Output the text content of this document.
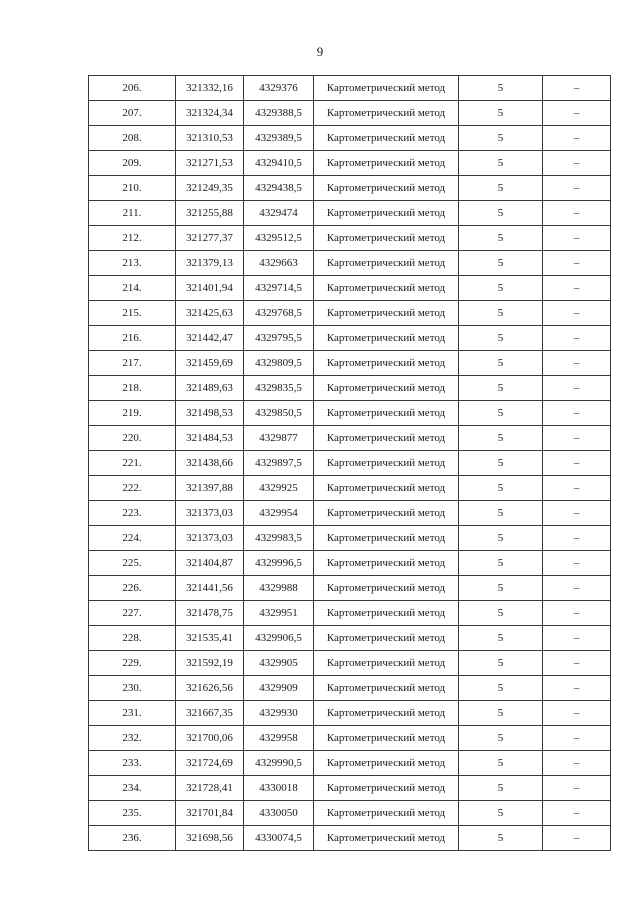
9
206.	321332,16	4329376	Картометрический метод	5	–
207.	321324,34	4329388,5	Картометрический метод	5	–
208.	321310,53	4329389,5	Картометрический метод	5	–
209.	321271,53	4329410,5	Картометрический метод	5	–
210.	321249,35	4329438,5	Картометрический метод	5	–
211.	321255,88	4329474	Картометрический метод	5	–
212.	321277,37	4329512,5	Картометрический метод	5	–
213.	321379,13	4329663	Картометрический метод	5	–
214.	321401,94	4329714,5	Картометрический метод	5	–
215.	321425,63	4329768,5	Картометрический метод	5	–
216.	321442,47	4329795,5	Картометрический метод	5	–
217.	321459,69	4329809,5	Картометрический метод	5	–
218.	321489,63	4329835,5	Картометрический метод	5	–
219.	321498,53	4329850,5	Картометрический метод	5	–
220.	321484,53	4329877	Картометрический метод	5	–
221.	321438,66	4329897,5	Картометрический метод	5	–
222.	321397,88	4329925	Картометрический метод	5	–
223.	321373,03	4329954	Картометрический метод	5	–
224.	321373,03	4329983,5	Картометрический метод	5	–
225.	321404,87	4329996,5	Картометрический метод	5	–
226.	321441,56	4329988	Картометрический метод	5	–
227.	321478,75	4329951	Картометрический метод	5	–
228.	321535,41	4329906,5	Картометрический метод	5	–
229.	321592,19	4329905	Картометрический метод	5	–
230.	321626,56	4329909	Картометрический метод	5	–
231.	321667,35	4329930	Картометрический метод	5	–
232.	321700,06	4329958	Картометрический метод	5	–
233.	321724,69	4329990,5	Картометрический метод	5	–
234.	321728,41	4330018	Картометрический метод	5	–
235.	321701,84	4330050	Картометрический метод	5	–
236.	321698,56	4330074,5	Картометрический метод	5	–
